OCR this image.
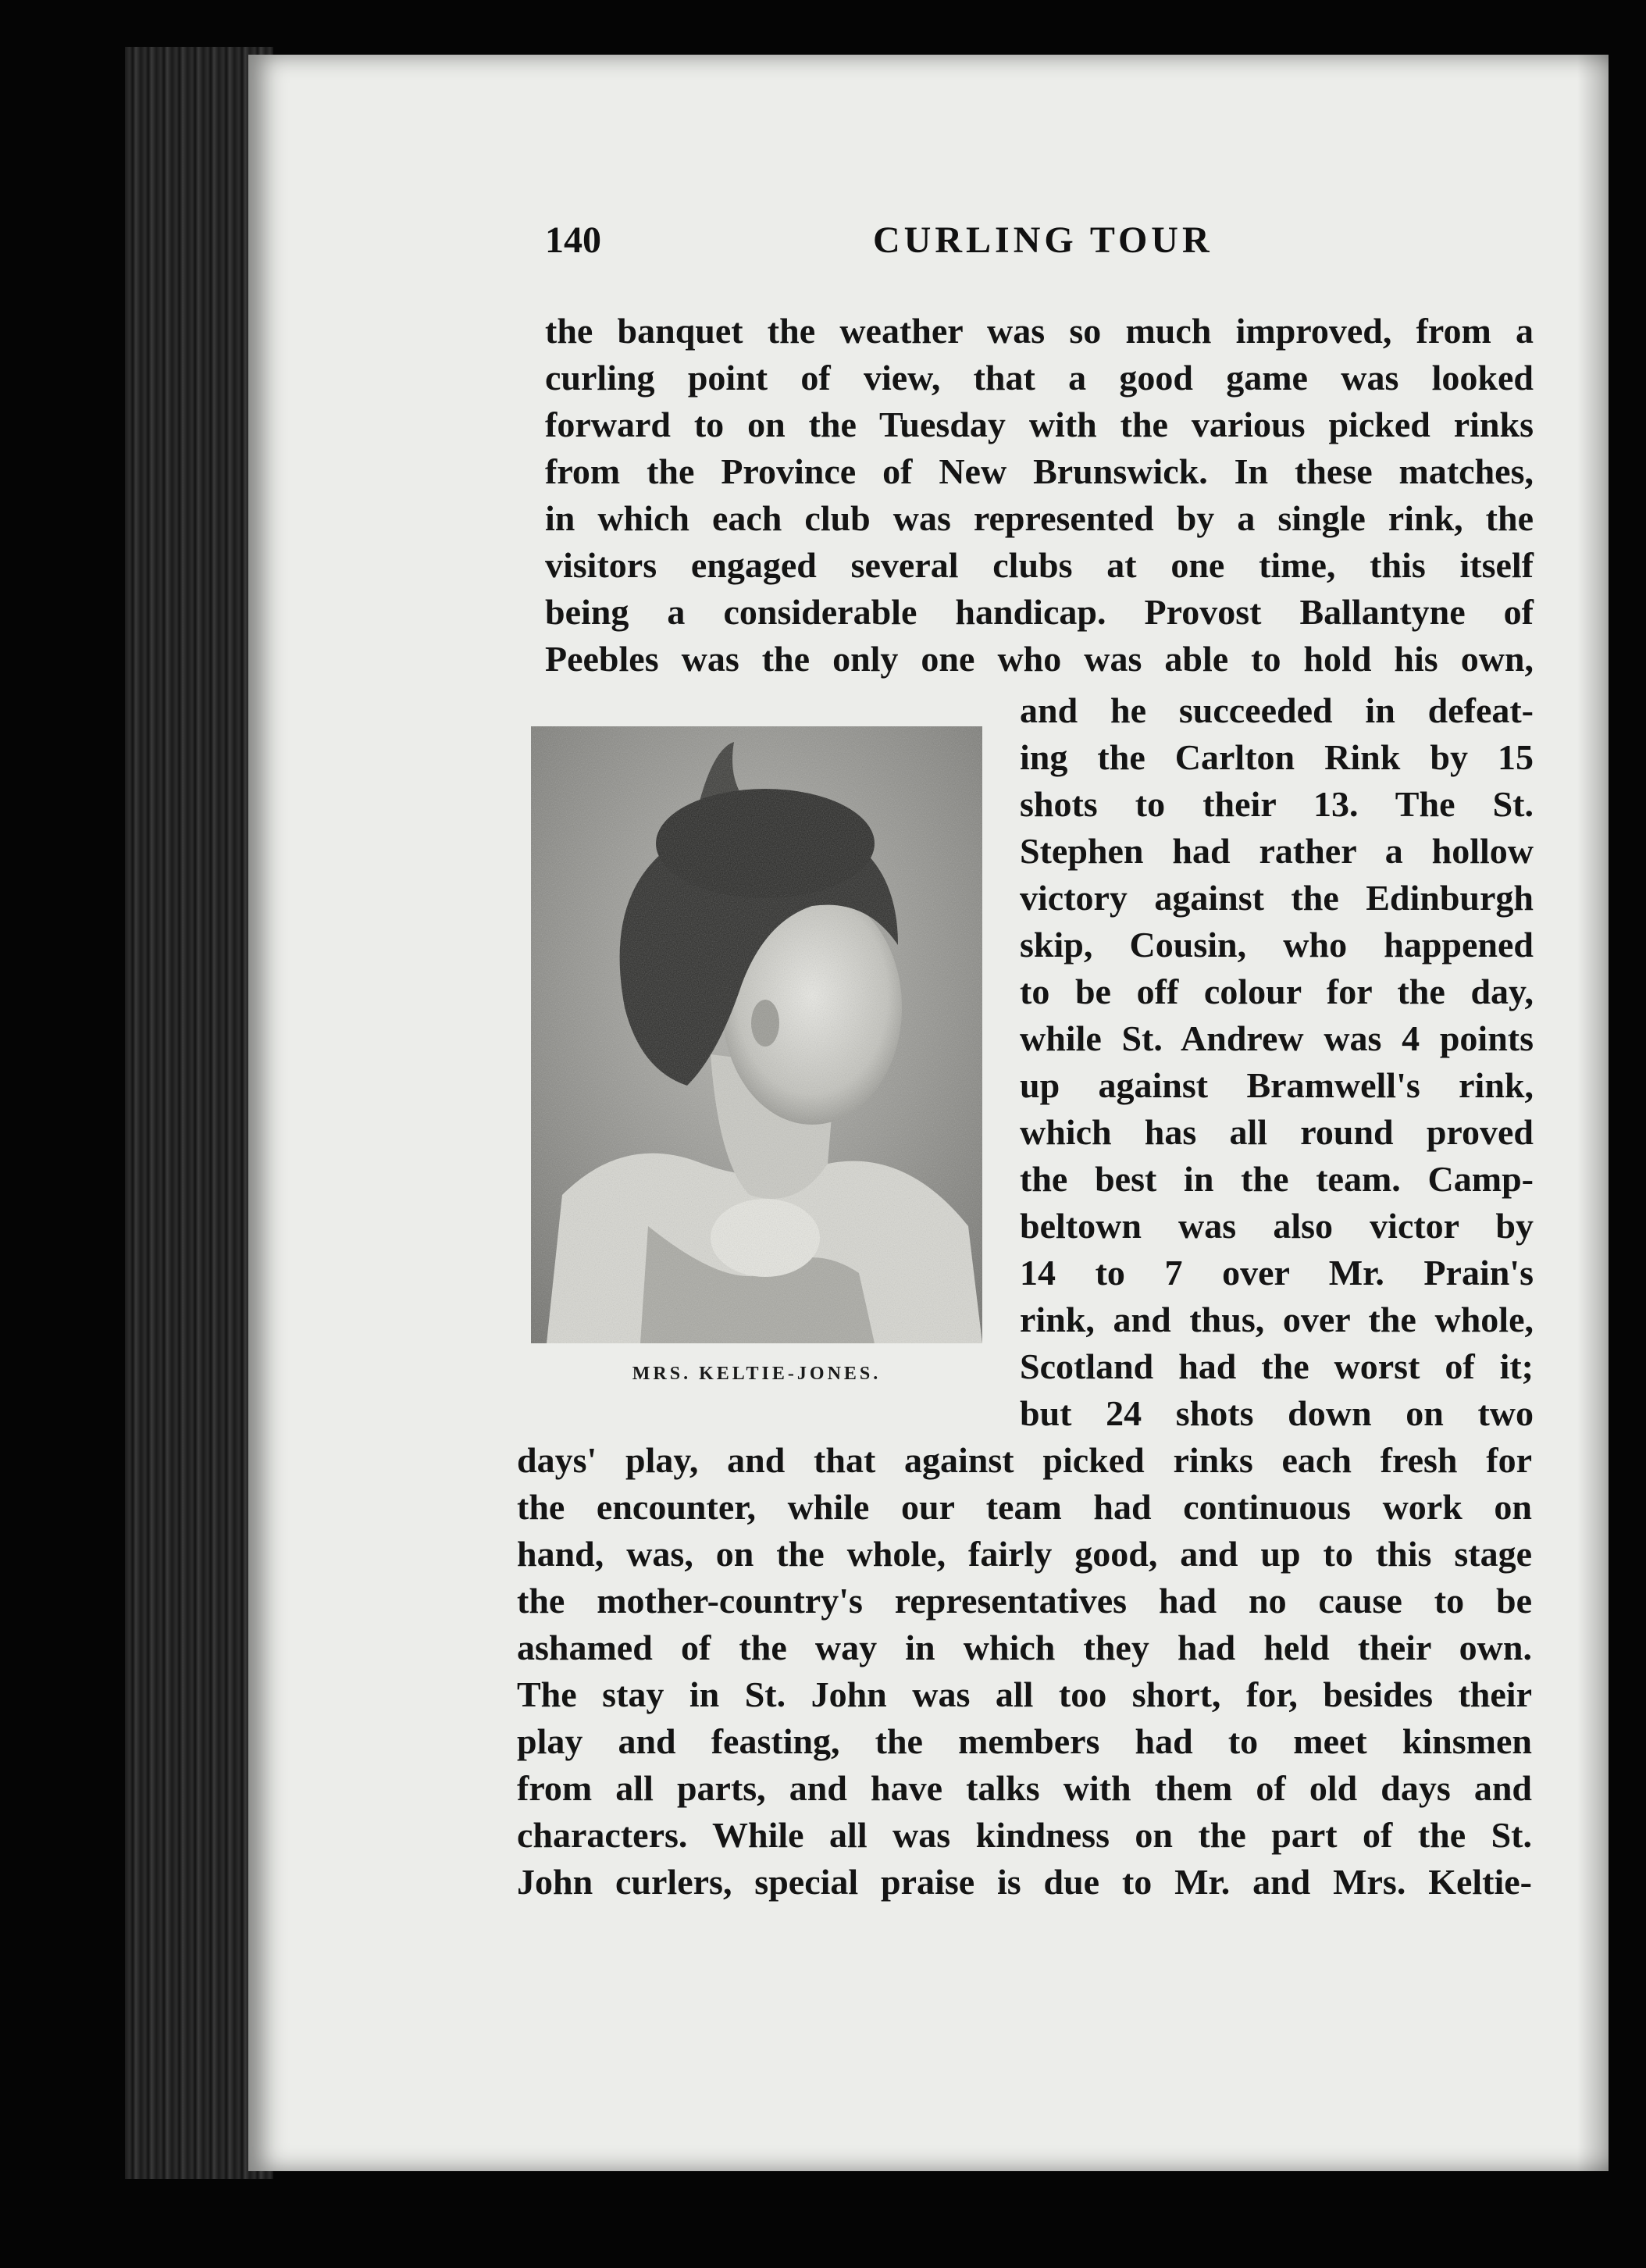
140	CURLING TOUR
the banquet the weather was so much improved, from a
curling point of view, that a good game was looked
forward to on the Tuesday with the various picked rinks
from the Province of New Brunswick. In these matches,
in which each club was represented by a single rink, the
visitors engaged several clubs at one time, this itself
being a considerable handicap. Provost Ballantyne of
Peebles was the only one who was able to hold his own,
MRS. KELTIE-JONES.
and he succeeded in defeat-
ing the Carlton Rink by 15
shots to their 13. The St.
Stephen had rather a hollow
victory against the Edinburgh
skip, Cousin, who happened
to be off colour for the day,
while St. Andrew was 4 points
up against Bramwell's rink,
which has all round proved
the best in the team. Camp-
beltown was also victor by
14 to 7 over Mr. Prain's
rink, and thus, over the whole,
Scotland had the worst of it;
but 24 shots down on two
days' play, and that against picked rinks each fresh for
the encounter, while our team had continuous work on
hand, was, on the whole, fairly good, and up to this stage
the mother-country's representatives had no cause to be
ashamed of the way in which they had held their own.
The stay in St. John was all too short, for, besides their
play and feasting, the members had to meet kinsmen
from all parts, and have talks with them of old days and
characters. While all was kindness on the part of the St.
John curlers, special praise is due to Mr. and Mrs. Keltie-
